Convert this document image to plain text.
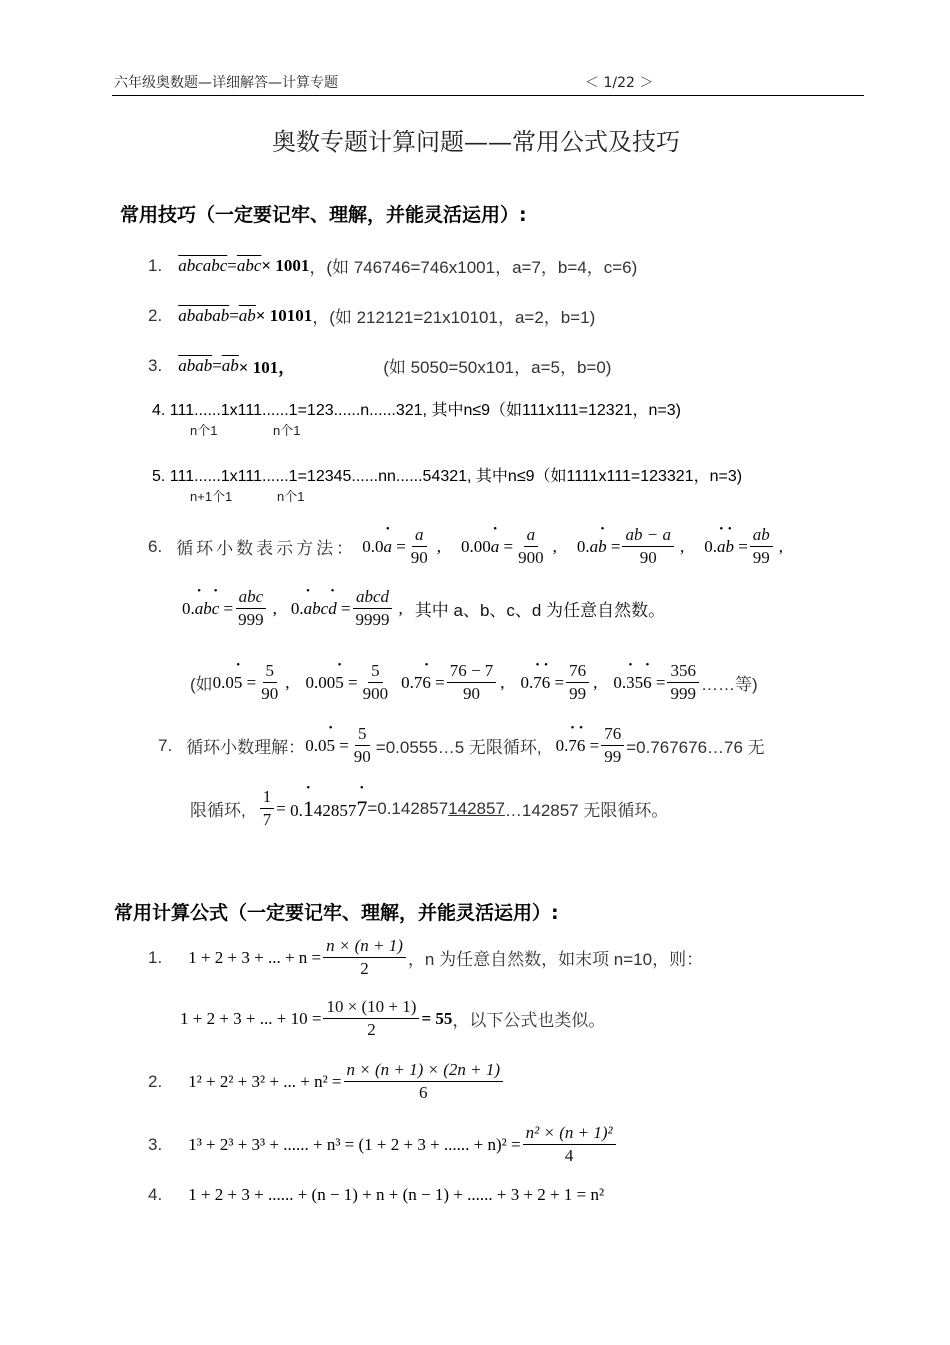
六年级奥数题—详细解答—计算专题	＜ 1/22 ＞
奥数专题计算问题——常用公式及技巧
常用技巧（一定要记牢、理解，并能灵活运用）:
1. abcabc = $\overline{abc} \times 1001$ ，(如 746746=746x1001，a=7，b=4，c=6)
2. ababab = $\overline{ab} \times 10101$ ，(如 212121=21x10101，a=2，b=1)
3. abab = $\overline{ab} \times 101$，	(如 5050=50x101，a=5，b=0)
4. 111......1x111......1=123......n......321, 其中n≤9（如111x111=12321，n=3)
n个1	n个1
5. 111......1x111......1=12345......nn......54321, 其中n≤9（如1111x111=123321，n=3)
n+1个1	n个1
6. 循环小数表示方法： 0.0• $a = \frac{a}{90}$ , 0.00• $a = \frac{a}{900}$ , 0.a• $b = \frac{ab - a}{90}$ , 0.• a• $b = \frac{ab}{99}$ ,
0.• ab• $c = \frac{\text{abc}}{999}$ , 0.• abc• $d = \frac{\text{abcd}}{9999}$ , 其中 a、b、c、d 为任意自然数。
(如 0.0• $5 = \frac{5}{90}$ , 0.00• $5 = \frac{5}{900}$ 0.7• $6 = \frac{76 - 7}{90}$ , 0.• 7• $6 = \frac{76}{99}$ , 0.• 35• $6 = \frac{356}{999}$ ……等)
7. 循环小数理解： 0.0• $5 = \frac{5}{90}$ =0.0555…5 无限循环, 0.• 7• $6 = \frac{76}{99}$ =0.767676…76 无
限循环, $\frac{1}{7}$ = 0.• 142857• 7 =0.142857 142857 …142857 无限循环。
常用计算公式（一定要记牢、理解，并能灵活运用）:
1. 1 + 2 + 3 + ... + $n = \frac{n \times (n + 1)}{2}$ ，n 为任意自然数，如末项 n=10，则：
1 + 2 + 3 + ... + $10 = \frac{10 \times (10 + 1)}{2} = 55$ ，以下公式也类似。
2. 1² + 2² + 3² + ... + $n^2 = \frac{n \times (n + 1) \times (2n + 1)}{6}$
3. 1³ + 2³ + 3³ + ...... + n³ = (1 + 2 + 3 + ...... + $n)^2 = \frac{\text{n² × (n + 1)²}}{4}$
4. 1 + 2 + 3 + ...... + (n − 1) + n + (n − 1) + ...... + 3 + 2 + 1 = n²
